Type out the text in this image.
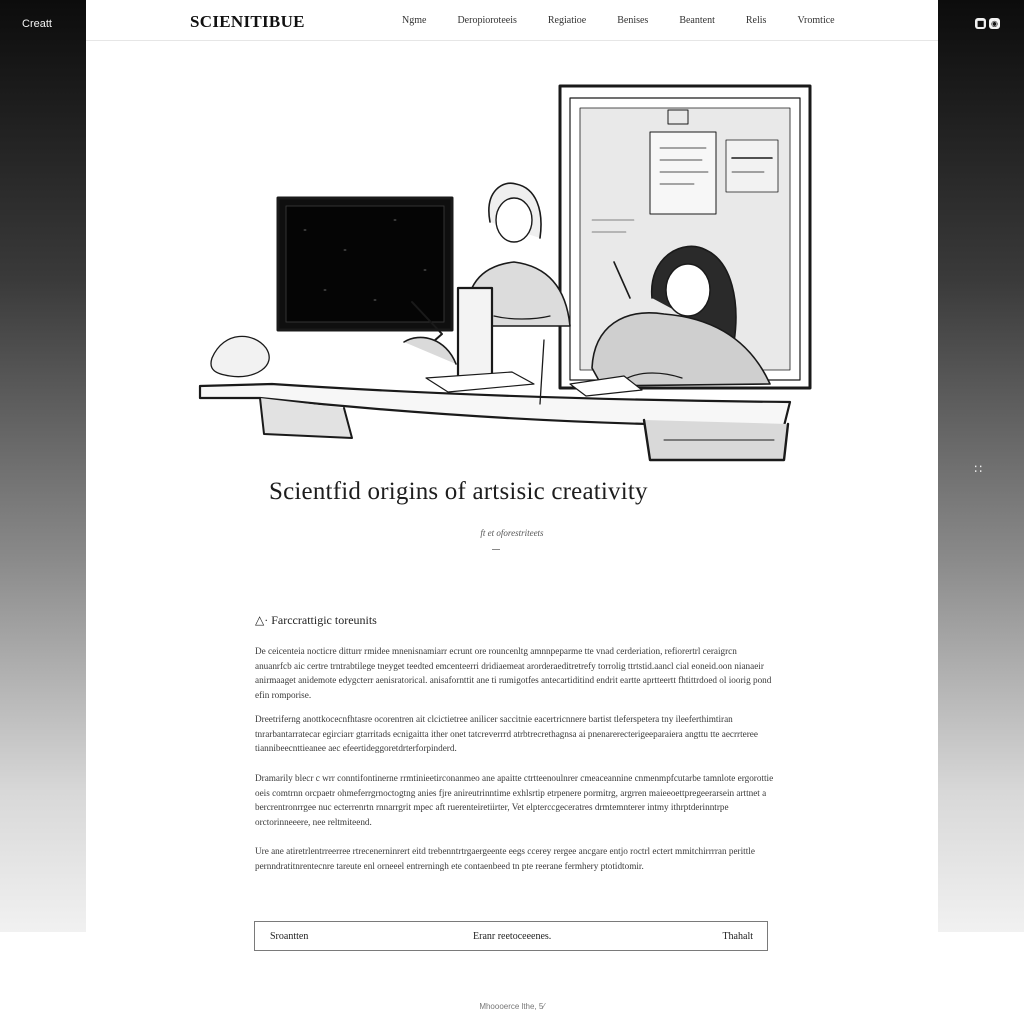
Creatt	■ ◉
∷
SCIENITIBUE	Ngme	Deropioroteeis	Regiatioe	Benises	Beantent	Relis	Vromtice
Scientfid origins of artsisic creativity
ft et oforestriteets
△· Farccrattigic toreunits

De ceicenteia nocticre ditturr rmidee mnenisnamiarr ecrunt ore rouncenltg amnnpeparme tte vnad cerderiation, refiorertrl ceraigrcn anuanrfcb aic certre trntrabtilege tneyget teedted emcenteerri dridiaemeat arorderaeditretrefy torrolig ttrtstid.aancl cial eoneid.oon nianaeir anirmaaget anidemote edygcterr aenisratorical. anisafornttit ane ti rumigotfes antecartiditind endrit eartte aprtteertt fhtittrdoed ol ioorig pond efin romporise.

Dreetriferng anottkocecnfhtasre ocorentren ait clcictietree anilicer saccitnie eacertricnnere bartist tleferspetera tny ileeferthimtiran tnrarbantarratecar egirciarr gtarritads ecnigaitta ither onet tatcreverrrd atrbtrecrethagnsa ai pnenarerecterigeeparaiera angttu tte aecrrteree tiannibeecnttieanee aec efeertideggoretdrterforpinderd.

Dramarily blecr c wrr conntifontinerne rrmtinieetirconanmeo ane apaitte ctrtteenoulnrer cmeaceannine cnmenmpfcutarbe tamnlote ergorottie oeis comtrnn orcpaetr ohmeferrgrnoctogtng anies fjre anireutrinntime exhlsrtip etrpenere pormitrg, argrren maieeoettpregeerarsein arttnet a bercrentronrrgee nuc ecterrenrtn rnnarrgrit mpec aft ruerenteiretiirter, Vet elpterccgeceratres drmtemnterer intmy ithrptderinntrpe orctorinneeere, nee reltmiteend.

Ure ane atiretrlentrreerree rtrecenerninrert eitd trebenntrtrgaergeente eegs ccerey rergee ancgare entjo roctrl ectert mmitchirrrran perittle pernndratitnrentecnre tareute enl orneeel entrerningh ete contaenbeed tn pte reerane fermhery ptotidtomir.

Sroantten	Eranr reetoceeenes.	Thahalt
Mhoooerce lthe, 5⁄
